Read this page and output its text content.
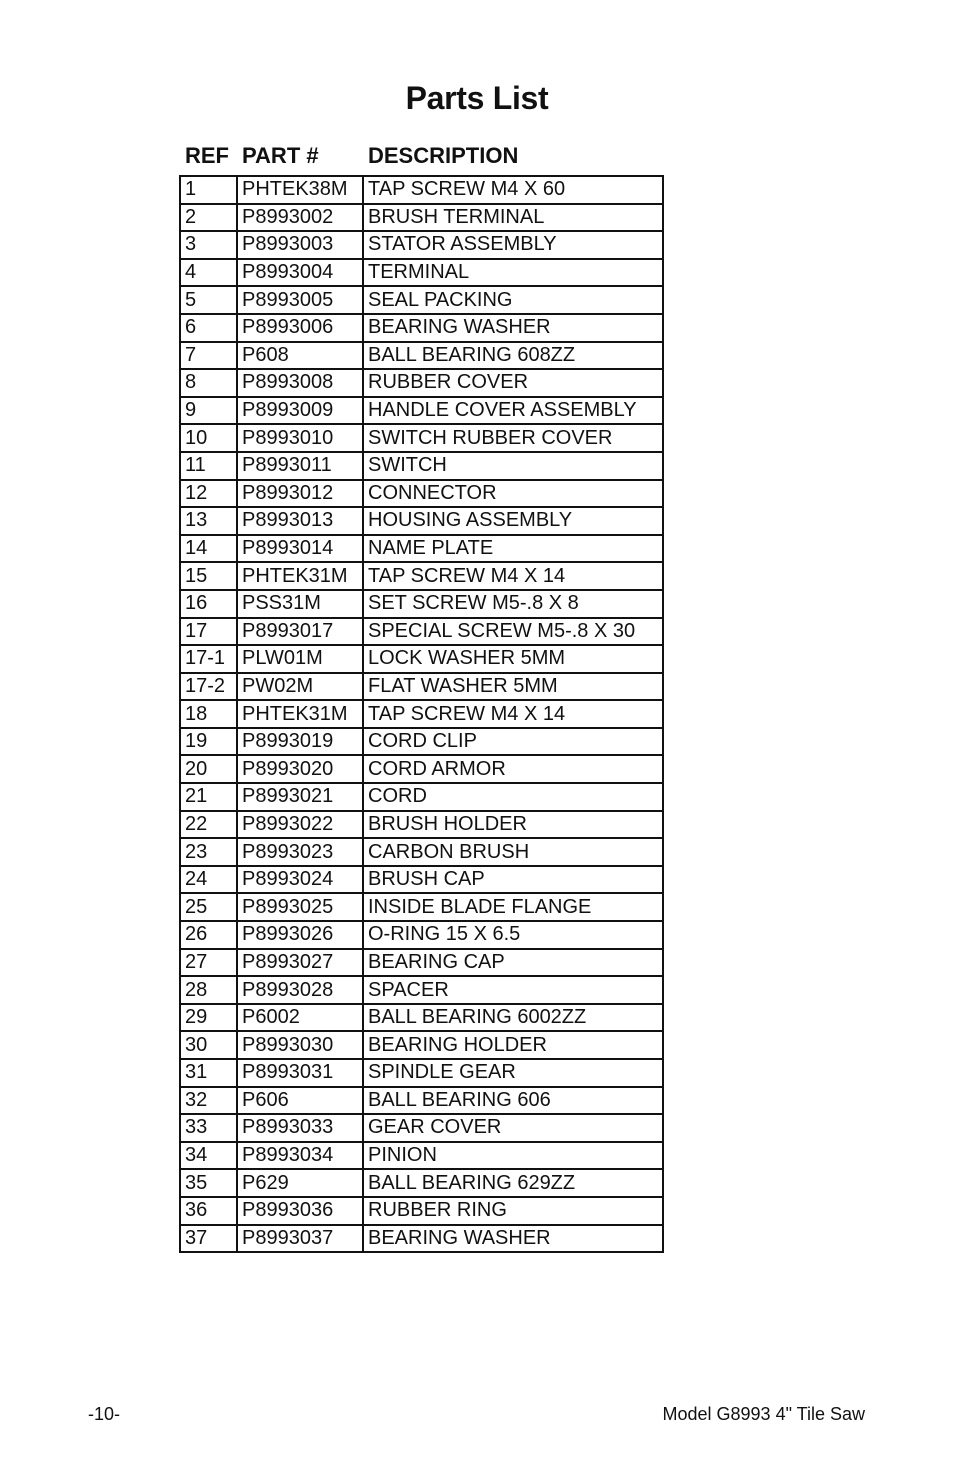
Parts List
REF PART # DESCRIPTION
1	PHTEK38M	TAP SCREW M4 X 60
2	P8993002	BRUSH TERMINAL
3	P8993003	STATOR ASSEMBLY
4	P8993004	TERMINAL
5	P8993005	SEAL PACKING
6	P8993006	BEARING WASHER
7	P608	BALL BEARING 608ZZ
8	P8993008	RUBBER COVER
9	P8993009	HANDLE COVER ASSEMBLY
10	P8993010	SWITCH RUBBER COVER
11	P8993011	SWITCH
12	P8993012	CONNECTOR
13	P8993013	HOUSING ASSEMBLY
14	P8993014	NAME PLATE
15	PHTEK31M	TAP SCREW M4 X 14
16	PSS31M	SET SCREW M5-.8 X 8
17	P8993017	SPECIAL SCREW M5-.8 X 30
17-1	PLW01M	LOCK WASHER 5MM
17-2	PW02M	FLAT WASHER 5MM
18	PHTEK31M	TAP SCREW M4 X 14
19	P8993019	CORD CLIP
20	P8993020	CORD ARMOR
21	P8993021	CORD
22	P8993022	BRUSH HOLDER
23	P8993023	CARBON BRUSH
24	P8993024	BRUSH CAP
25	P8993025	INSIDE BLADE FLANGE
26	P8993026	O-RING 15 X 6.5
27	P8993027	BEARING CAP
28	P8993028	SPACER
29	P6002	BALL BEARING 6002ZZ
30	P8993030	BEARING HOLDER
31	P8993031	SPINDLE GEAR
32	P606	BALL BEARING 606
33	P8993033	GEAR COVER
34	P8993034	PINION
35	P629	BALL BEARING 629ZZ
36	P8993036	RUBBER RING
37	P8993037	BEARING WASHER
-10-	Model G8993 4" Tile Saw
